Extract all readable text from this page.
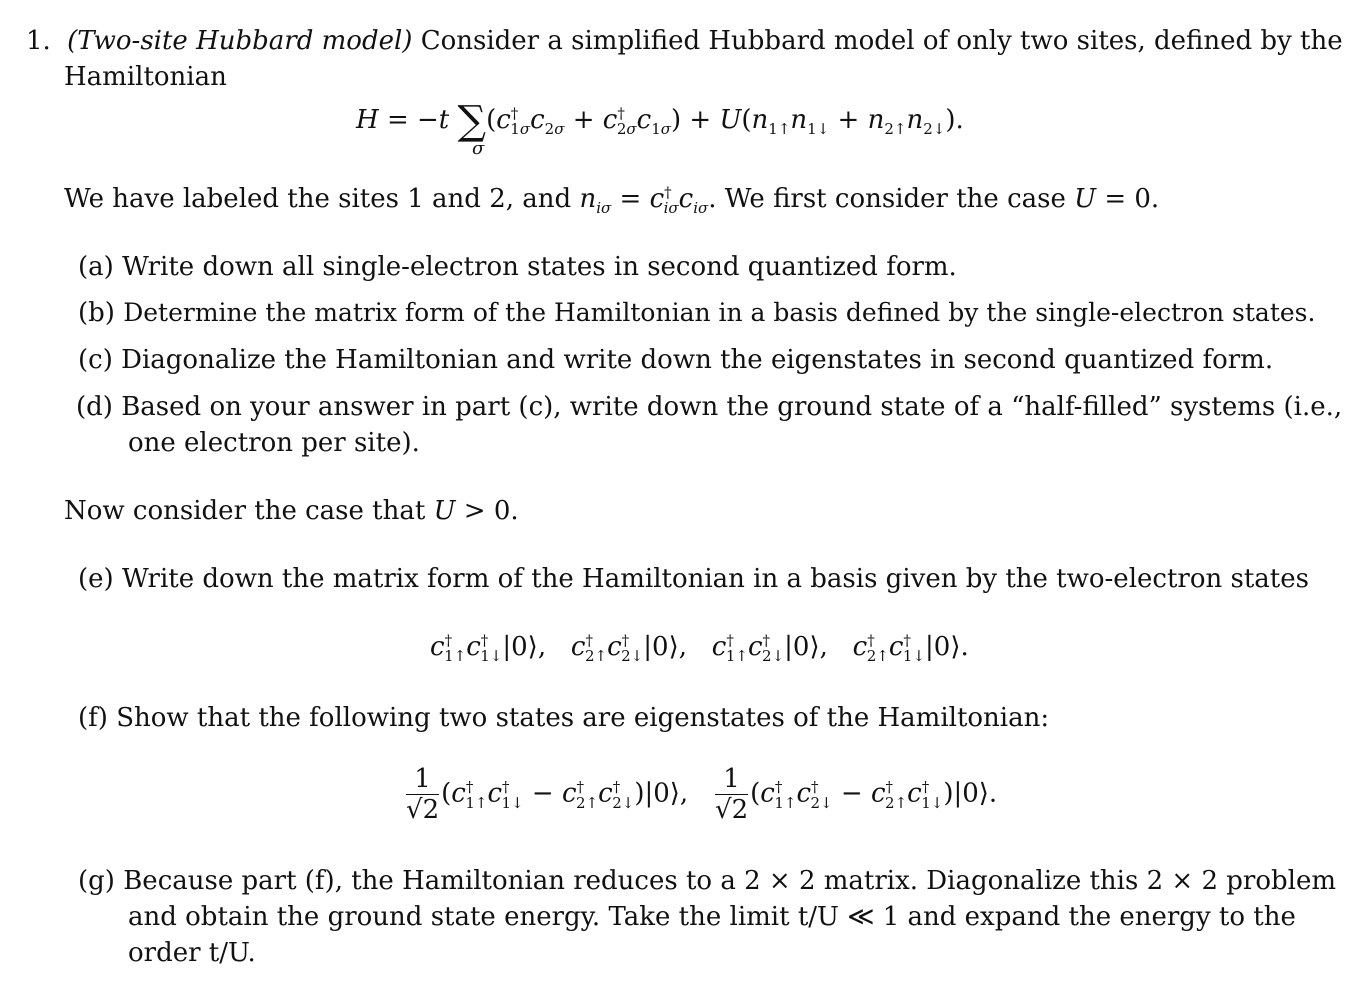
1. (Two-site Hubbard model) Consider a simplified Hubbard model of only two sites, defined by the
Hamiltonian
H = −t $\sum(c^\dagger_{1\sigma}c_{2\sigma} + c^\dagger_{2\sigma}c_{1\sigma}) + U(n_{1↑}n_{1↓} + n_{2↑}n_{2↓})$.
σ
We have labeled the sites 1 and 2, and $n_{i\sigma} = c^\dagger_{i\sigma}c_{i\sigma}$. We first consider the case U = 0.
(a) Write down all single-electron states in second quantized form.
(b) Determine the matrix form of the Hamiltonian in a basis defined by the single-electron states.
(c) Diagonalize the Hamiltonian and write down the eigenstates in second quantized form.
(d) Based on your answer in part (c), write down the ground state of a “half-filled” systems (i.e.,
one electron per site).
Now consider the case that U > 0.
(e) Write down the matrix form of the Hamiltonian in a basis given by the two-electron states
$c^\dagger_{1↑}c^\dagger_{1↓}|0⟩$,   $c^\dagger_{2↑}c^\dagger_{2↓}|0⟩$,   $c^\dagger_{1↑}c^\dagger_{2↓}|0⟩$,   $c^\dagger_{2↑}c^\dagger_{1↓}|0⟩$.
(f) Show that the following two states are eigenstates of the Hamiltonian:
$\frac{1}{√2} (c^\dagger_{1↑}c^\dagger_{1↓}$ − $c^\dagger_{2↑}c^\dagger_{2↓})|0⟩$, $\frac{1}{√2} (c^\dagger_{1↑}c^\dagger_{2↓}$ − $c^\dagger_{2↑}c^\dagger_{1↓})|0⟩$.
(g) Because part (f), the Hamiltonian reduces to a 2 × 2 matrix. Diagonalize this 2 × 2 problem
and obtain the ground state energy. Take the limit t/U ≪ 1 and expand the energy to the
order t/U.
